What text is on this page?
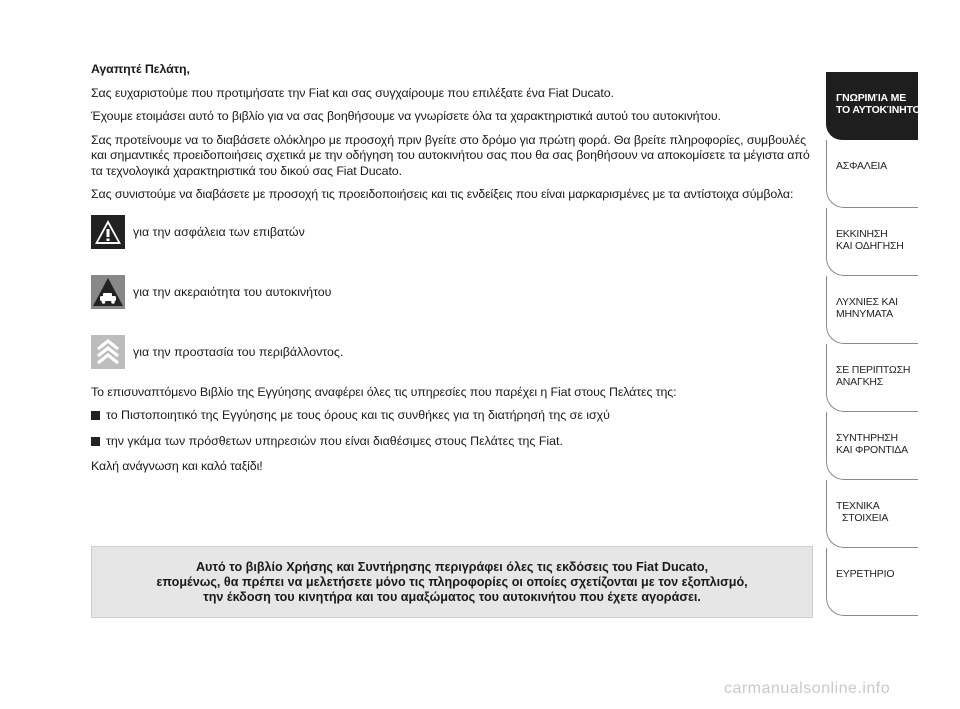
Αγαπητέ Πελάτη,

Σας ευχαριστούμε που προτιμήσατε την Fiat και σας συγχαίρουμε που επιλέξατε ένα Fiat Ducato.

Έχουμε ετοιμάσει αυτό το βιβλίο για να σας βοηθήσουμε να γνωρίσετε όλα τα χαρακτηριστικά αυτού του αυτοκινήτου.

Σας προτείνουμε να το διαβάσετε ολόκληρο με προσοχή πριν βγείτε στο δρόμο για πρώτη φορά. Θα βρείτε πληροφορίες, συμβουλές και σημαντικές προειδοποιήσεις σχετικά με την οδήγηση του αυτοκινήτου σας που θα σας βοηθήσουν να αποκομίσετε τα μέγιστα από τα τεχνολογικά χαρακτηριστικά του δικού σας Fiat Ducato.

Σας συνιστούμε να διαβάσετε με προσοχή τις προειδοποιήσεις και τις ενδείξεις που είναι μαρκαρισμένες με τα αντίστοιχα σύμβολα:

για την ασφάλεια των επιβατών
για την ακεραιότητα του αυτοκινήτου
για την προστασία του περιβάλλοντος.

Το επισυναπτόμενο Βιβλίο της Εγγύησης αναφέρει όλες τις υπηρεσίες που παρέχει η Fiat στους Πελάτες της:

το Πιστοποιητικό της Εγγύησης με τους όρους και τις συνθήκες για τη διατήρησή της σε ισχύ

την γκάμα των πρόσθετων υπηρεσιών που είναι διαθέσιμες στους Πελάτες της Fiat.

Καλή ανάγνωση και καλό ταξίδι!

Αυτό το βιβλίο Χρήσης και Συντήρησης περιγράφει όλες τις εκδόσεις του Fiat Ducato,
επομένως, θα πρέπει να μελετήσετε μόνο τις πληροφορίες οι οποίες σχετίζονται με τον εξοπλισμό,
την έκδοση του κινητήρα και του αμαξώματος του αυτοκινήτου που έχετε αγοράσει.
ΓΝΩΡΙΜΊΑ ΜΕ
ΤΟ ΑΥΤΟΚΊΝΗΤΟ
ΑΣΦΑΛΕΙΑ
ΕΚΚΙΝΗΣΗ
ΚΑΙ ΟΔΗΓΗΣΗ
ΛΥΧΝΙΕΣ ΚΑΙ
ΜΗΝΥΜΑΤΑ
ΣΕ ΠΕΡΙΠΤΩΣΗ
ΑΝΑΓΚΗΣ
ΣΥΝΤΗΡΗΣΗ
ΚΑΙ ΦΡΟΝΤΙΔΑ
ΤΕΧΝΙΚΑ
ΣΤΟΙΧΕΙΑ
ΕΥΡΕΤΗΡΙΟ
carmanualsonline.info
